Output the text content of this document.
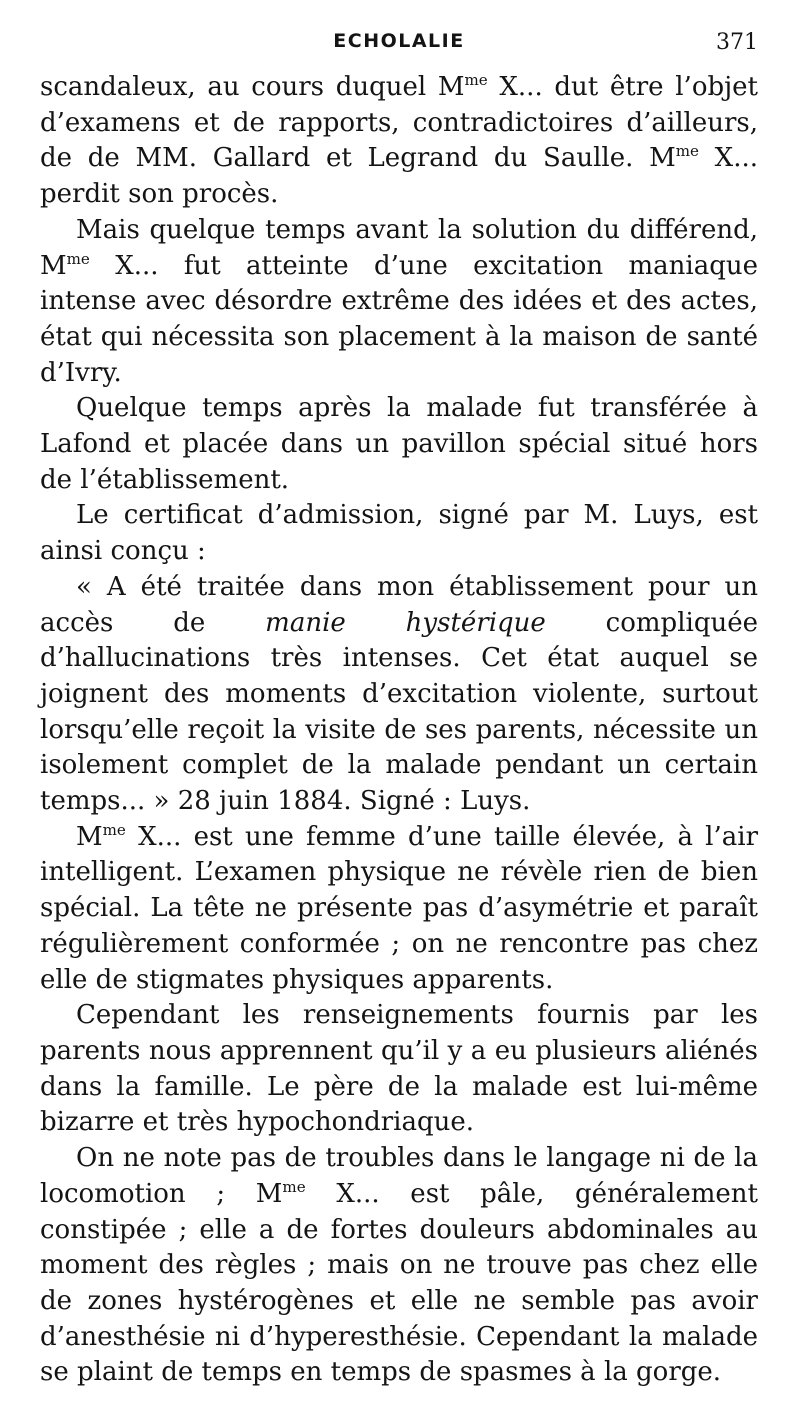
ECHOLALIE	371

scandaleux, au cours duquel $M^{me}$ X... dut être l’objet d’examens et de rapports, contradictoires d’ailleurs, de de MM. Gallard et Legrand du Saulle. $M^{me}$ X... perdit son procès.

Mais quelque temps avant la solution du différend, $M^{me}$ X... fut atteinte d’une excitation maniaque intense avec désordre extrême des idées et des actes, état qui nécessita son placement à la maison de santé d’Ivry.

Quelque temps après la malade fut transférée à Lafond et placée dans un pavillon spécial situé hors de l’établissement.

Le certificat d’admission, signé par M. Luys, est ainsi conçu :

« A été traitée dans mon établissement pour un accès de manie hystérique compliquée d’hallucinations très intenses. Cet état auquel se joignent des moments d’excitation violente, surtout lorsqu’elle reçoit la visite de ses parents, nécessite un isolement complet de la malade pendant un certain temps... » 28 juin 1884. Signé : Luys.

$M^{me}$ X... est une femme d’une taille élevée, à l’air intelligent. L’examen physique ne révèle rien de bien spécial. La tête ne présente pas d’asymétrie et paraît régulièrement conformée ; on ne rencontre pas chez elle de stigmates physiques apparents.

Cependant les renseignements fournis par les parents nous apprennent qu’il y a eu plusieurs aliénés dans la famille. Le père de la malade est lui-même bizarre et très hypochondriaque.

On ne note pas de troubles dans le langage ni de la locomotion ; $M^{me}$ X... est pâle, généralement constipée ; elle a de fortes douleurs abdominales au moment des règles ; mais on ne trouve pas chez elle de zones hystérogènes et elle ne semble pas avoir d’anesthésie ni d’hyperesthésie. Cependant la malade se plaint de temps en temps de spasmes à la gorge.
